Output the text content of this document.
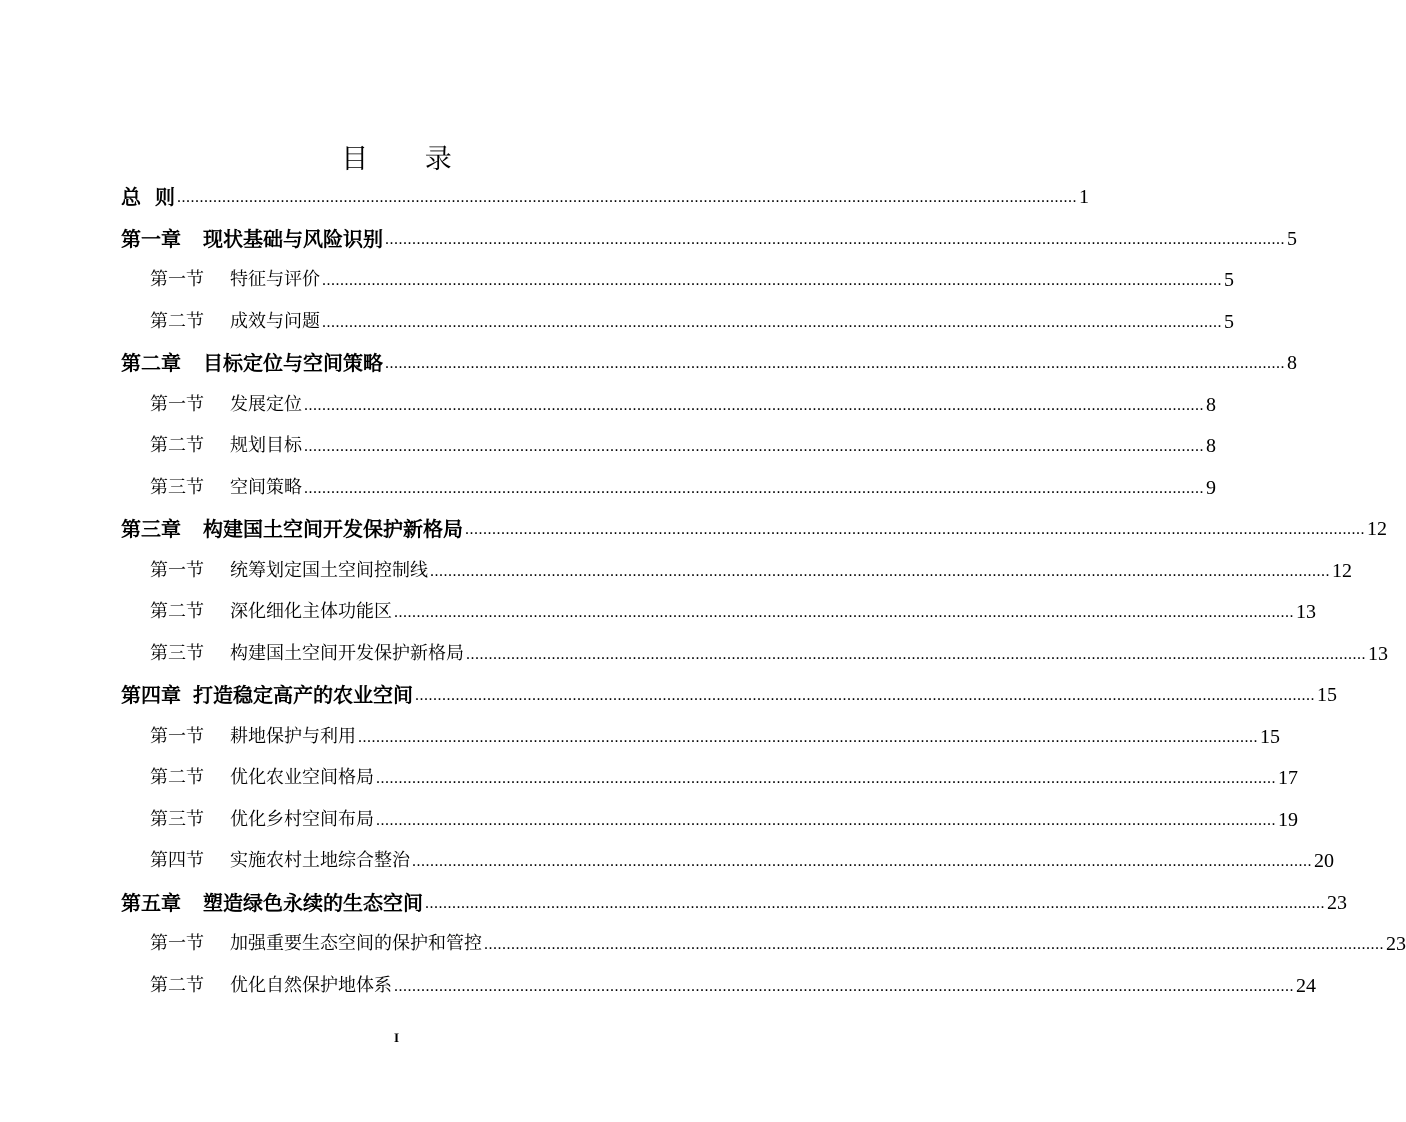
目 录
总 则 ........................................................................................................................................................................................................ 1
第一章 现状基础与风险识别 ........................................................................................................................................................................................................ 5
第一节 特征与评价 ........................................................................................................................................................................................................ 5
第二节 成效与问题 ........................................................................................................................................................................................................ 5
第二章 目标定位与空间策略 ........................................................................................................................................................................................................ 8
第一节 发展定位 ........................................................................................................................................................................................................ 8
第二节 规划目标 ........................................................................................................................................................................................................ 8
第三节 空间策略 ........................................................................................................................................................................................................ 9
第三章 构建国土空间开发保护新格局 ........................................................................................................................................................................................................ 12
第一节 统筹划定国土空间控制线 ........................................................................................................................................................................................................ 12
第二节 深化细化主体功能区 ........................................................................................................................................................................................................ 13
第三节 构建国土空间开发保护新格局 ........................................................................................................................................................................................................ 13
第四章 打造稳定高产的农业空间 ........................................................................................................................................................................................................ 15
第一节 耕地保护与利用 ........................................................................................................................................................................................................ 15
第二节 优化农业空间格局 ........................................................................................................................................................................................................ 17
第三节 优化乡村空间布局 ........................................................................................................................................................................................................ 19
第四节 实施农村土地综合整治 ........................................................................................................................................................................................................ 20
第五章 塑造绿色永续的生态空间 ........................................................................................................................................................................................................ 23
第一节 加强重要生态空间的保护和管控 ........................................................................................................................................................................................................ 23
第二节 优化自然保护地体系 ........................................................................................................................................................................................................ 24
I
